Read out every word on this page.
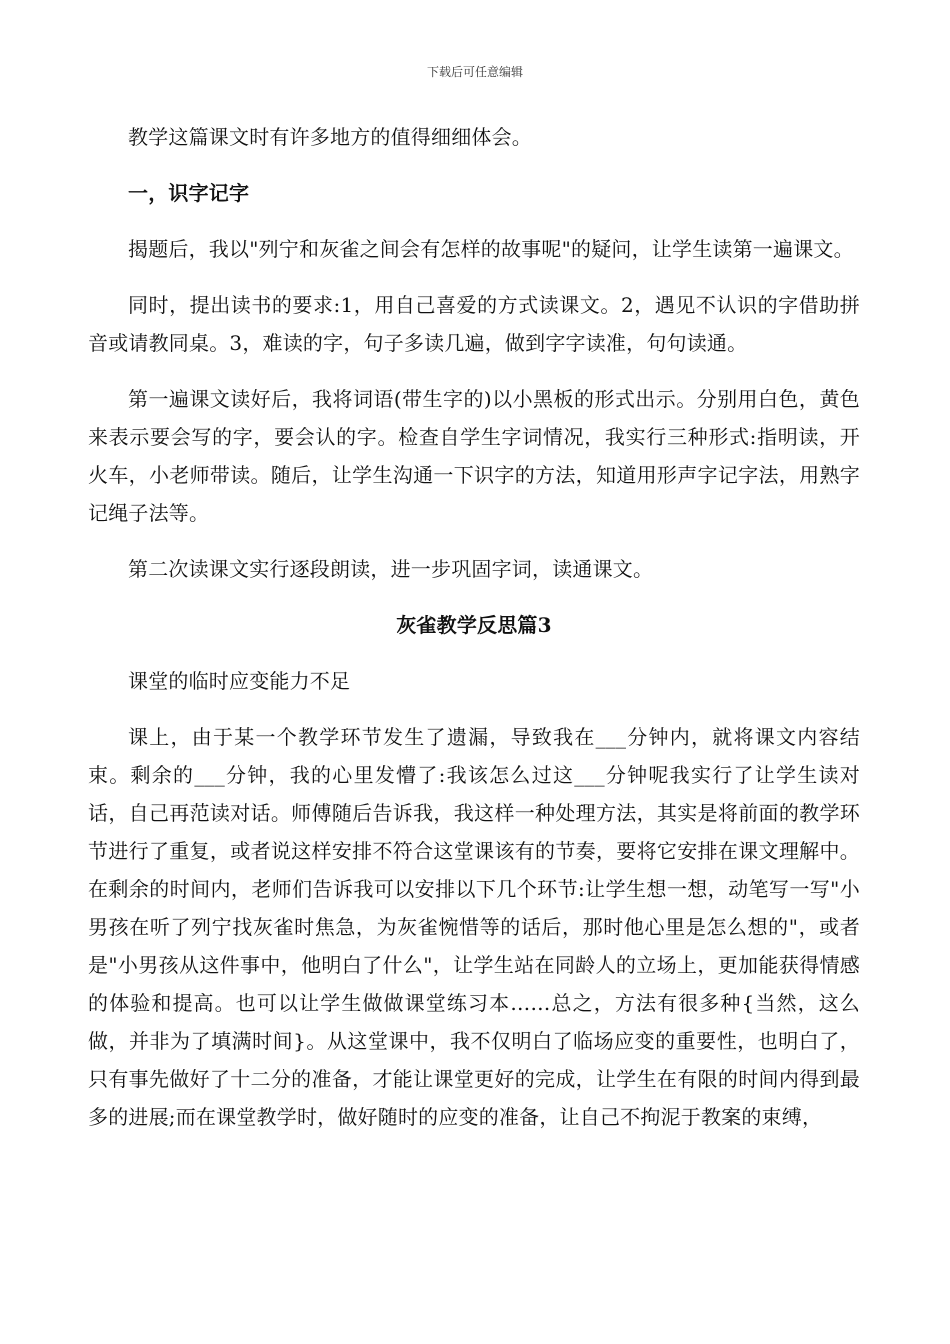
下载后可任意编辑

教学这篇课文时有许多地方的值得细细体会。

一，识字记字

揭题后，我以"列宁和灰雀之间会有怎样的故事呢"的疑问，让学生读第一遍课文。

同时，提出读书的要求:1，用自己喜爱的方式读课文。2，遇见不认识的字借助拼音或请教同桌。3，难读的字，句子多读几遍，做到字字读准，句句读通。

第一遍课文读好后，我将词语(带生字的)以小黑板的形式出示。分别用白色，黄色来表示要会写的字，要会认的字。检查自学生字词情况，我实行三种形式:指明读，开火车，小老师带读。随后，让学生沟通一下识字的方法，知道用形声字记字法，用熟字记绳子法等。

第二次读课文实行逐段朗读，进一步巩固字词，读通课文。

灰雀教学反思篇3

课堂的临时应变能力不足

课上，由于某一个教学环节发生了遗漏，导致我在___分钟内，就将课文内容结束。剩余的___分钟，我的心里发懵了:我该怎么过这___分钟呢我实行了让学生读对话，自己再范读对话。师傅随后告诉我，我这样一种处理方法，其实是将前面的教学环节进行了重复，或者说这样安排不符合这堂课该有的节奏，要将它安排在课文理解中。在剩余的时间内，老师们告诉我可以安排以下几个环节:让学生想一想，动笔写一写"小男孩在听了列宁找灰雀时焦急，为灰雀惋惜等的话后，那时他心里是怎么想的"，或者是"小男孩从这件事中，他明白了什么"，让学生站在同龄人的立场上，更加能获得情感的体验和提高。也可以让学生做做课堂练习本……总之，方法有很多种{当然，这么做，并非为了填满时间}。从这堂课中，我不仅明白了临场应变的重要性，也明白了，只有事先做好了十二分的准备，才能让课堂更好的完成，让学生在有限的时间内得到最多的进展;而在课堂教学时，做好随时的应变的准备，让自己不拘泥于教案的束缚，
